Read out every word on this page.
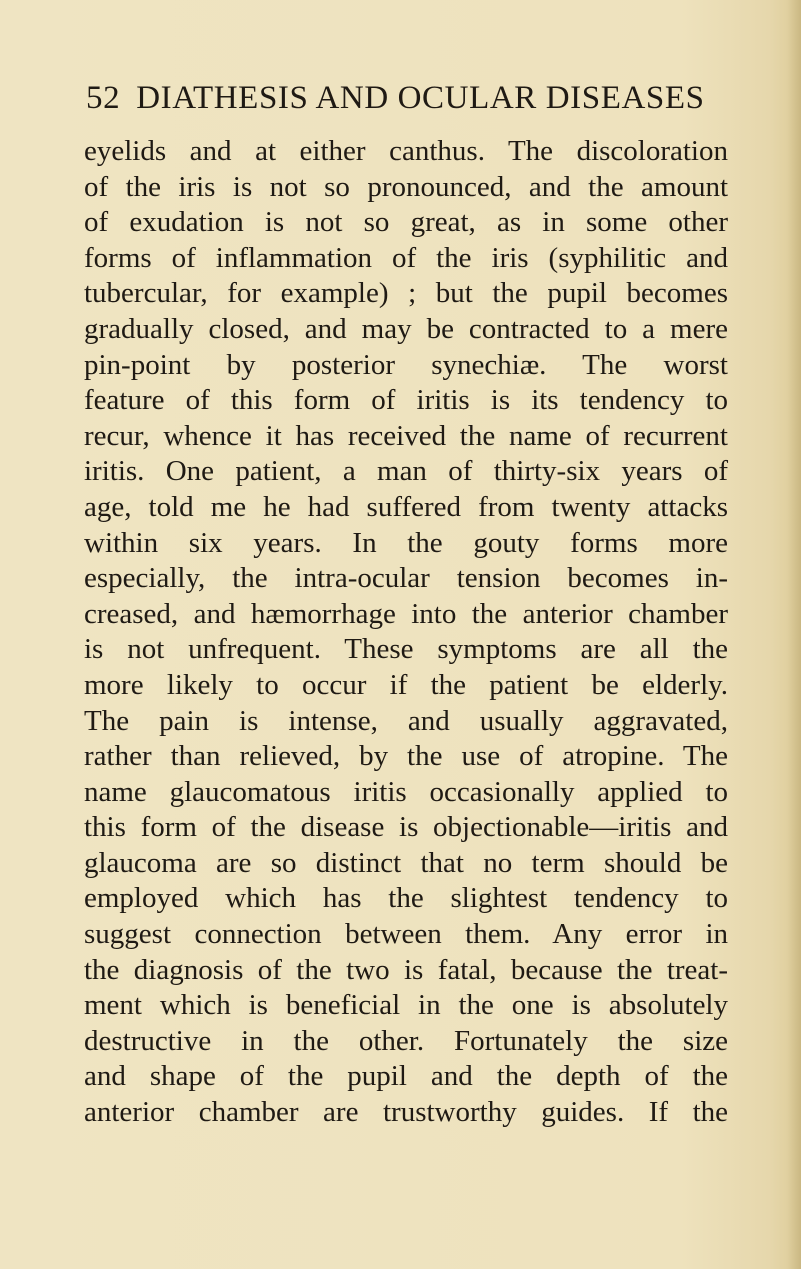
52 DIATHESIS AND OCULAR DISEASES
eyelids and at either canthus. The discoloration
of the iris is not so pronounced, and the amount
of exudation is not so great, as in some other
forms of inflammation of the iris (syphilitic and
tubercular, for example) ; but the pupil becomes
gradually closed, and may be contracted to a mere
pin-point by posterior synechiæ. The worst
feature of this form of iritis is its tendency to
recur, whence it has received the name of recurrent
iritis. One patient, a man of thirty-six years of
age, told me he had suffered from twenty attacks
within six years. In the gouty forms more
especially, the intra-ocular tension becomes in-
creased, and hæmorrhage into the anterior chamber
is not unfrequent. These symptoms are all the
more likely to occur if the patient be elderly.
The pain is intense, and usually aggravated,
rather than relieved, by the use of atropine. The
name glaucomatous iritis occasionally applied to
this form of the disease is objectionable—iritis and
glaucoma are so distinct that no term should be
employed which has the slightest tendency to
suggest connection between them. Any error in
the diagnosis of the two is fatal, because the treat-
ment which is beneficial in the one is absolutely
destructive in the other. Fortunately the size
and shape of the pupil and the depth of the
anterior chamber are trustworthy guides. If the
